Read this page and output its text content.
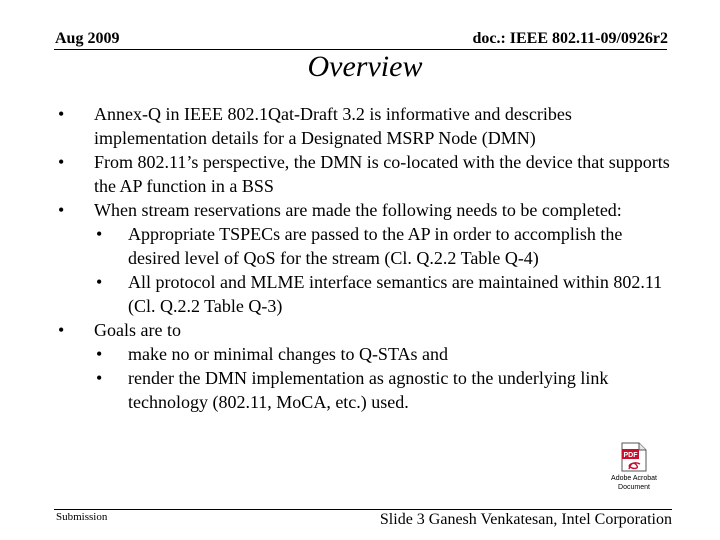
Aug 2009	doc.: IEEE 802.11-09/0926r2
Overview
• Annex-Q in IEEE 802.1Qat-Draft 3.2 is informative and describes implementation details for a Designated MSRP Node (DMN)
• From 802.11’s perspective, the DMN is co-located with the device that supports the AP function in a BSS
• When stream reservations are made the following needs to be completed:
• Appropriate TSPECs are passed to the AP in order to accomplish the desired level of QoS for the stream (Cl. Q.2.2 Table Q-4)
• All protocol and MLME interface semantics are maintained within 802.11 (Cl. Q.2.2 Table Q-3)
• Goals are to
• make no or minimal changes to Q-STAs and
• render the DMN implementation as agnostic to the underlying link technology (802.11, MoCA, etc.) used.
PDF
Adobe Acrobat
Document
Submission	Slide 3 Ganesh Venkatesan, Intel Corporation
